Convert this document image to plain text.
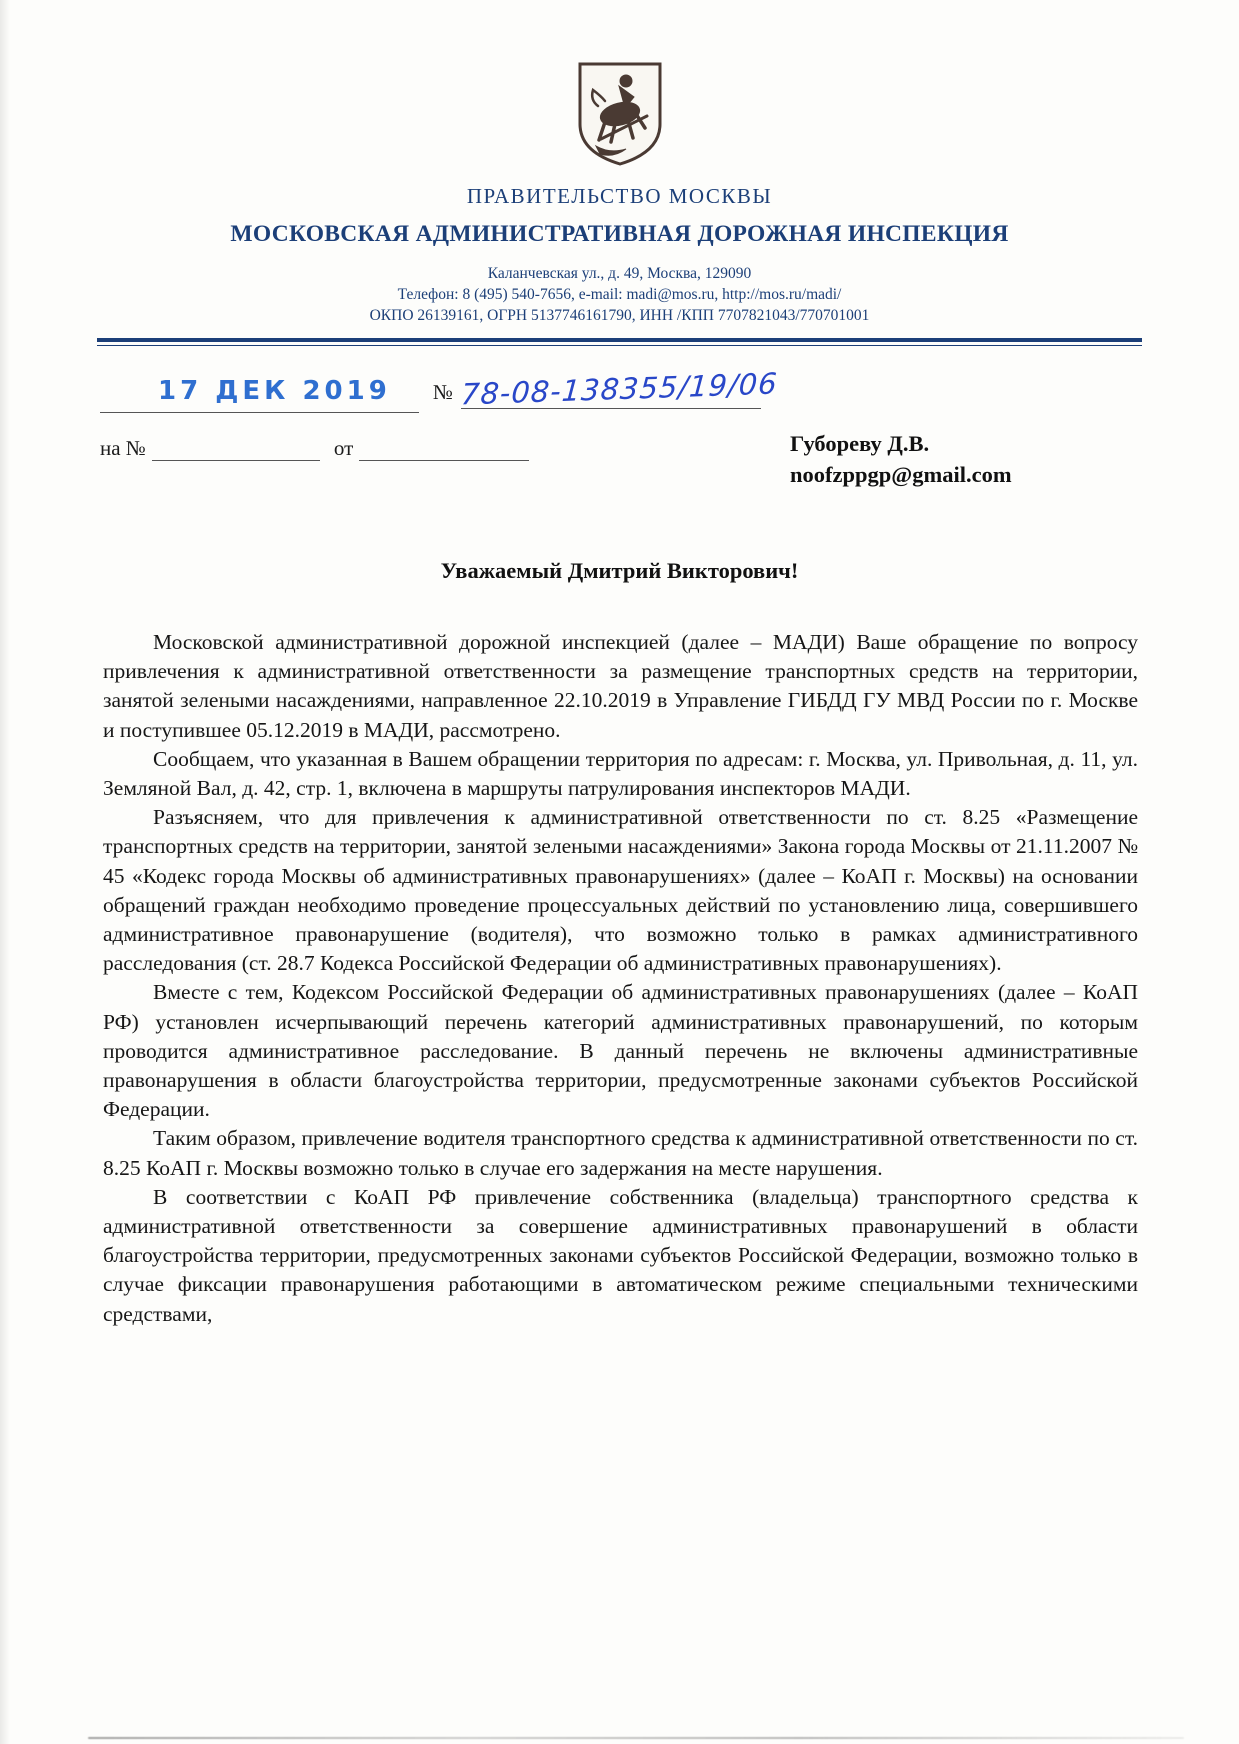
ПРАВИТЕЛЬСТВО МОСКВЫ
МОСКОВСКАЯ АДМИНИСТРАТИВНАЯ ДОРОЖНАЯ ИНСПЕКЦИЯ
Каланчевская ул., д. 49, Москва, 129090
Телефон: 8 (495) 540-7656, e-mail: madi@mos.ru, http://mos.ru/madi/
ОКПО 26139161, ОГРН 5137746161790, ИНН /КПП 7707821043/770701001
17 ДЕК 2019 № 78-08-138355/19/06
на №	от	Губореву Д.В.
noofzppgp@gmail.com
Уважаемый Дмитрий Викторович!

Московской административной дорожной инспекцией (далее – МАДИ) Ваше обращение по вопросу привлечения к административной ответственности за размещение транспортных средств на территории, занятой зелеными насаждениями, направленное 22.10.2019 в Управление ГИБДД ГУ МВД России по г. Москве и поступившее 05.12.2019 в МАДИ, рассмотрено.

Сообщаем, что указанная в Вашем обращении территория по адресам: г. Москва, ул. Привольная, д. 11, ул. Земляной Вал, д. 42, стр. 1, включена в маршруты патрулирования инспекторов МАДИ.

Разъясняем, что для привлечения к административной ответственности по ст. 8.25 «Размещение транспортных средств на территории, занятой зелеными насаждениями» Закона города Москвы от 21.11.2007 № 45 «Кодекс города Москвы об административных правонарушениях» (далее – КоАП г. Москвы) на основании обращений граждан необходимо проведение процессуальных действий по установлению лица, совершившего административное правонарушение (водителя), что возможно только в рамках административного расследования (ст. 28.7 Кодекса Российской Федерации об административных правонарушениях).

Вместе с тем, Кодексом Российской Федерации об административных правонарушениях (далее – КоАП РФ) установлен исчерпывающий перечень категорий административных правонарушений, по которым проводится административное расследование. В данный перечень не включены административные правонарушения в области благоустройства территории, предусмотренные законами субъектов Российской Федерации.

Таким образом, привлечение водителя транспортного средства к административной ответственности по ст. 8.25 КоАП г. Москвы возможно только в случае его задержания на месте нарушения.

В соответствии с КоАП РФ привлечение собственника (владельца) транспортного средства к административной ответственности за совершение административных правонарушений в области благоустройства территории, предусмотренных законами субъектов Российской Федерации, возможно только в случае фиксации правонарушения работающими в автоматическом режиме специальными техническими средствами,
